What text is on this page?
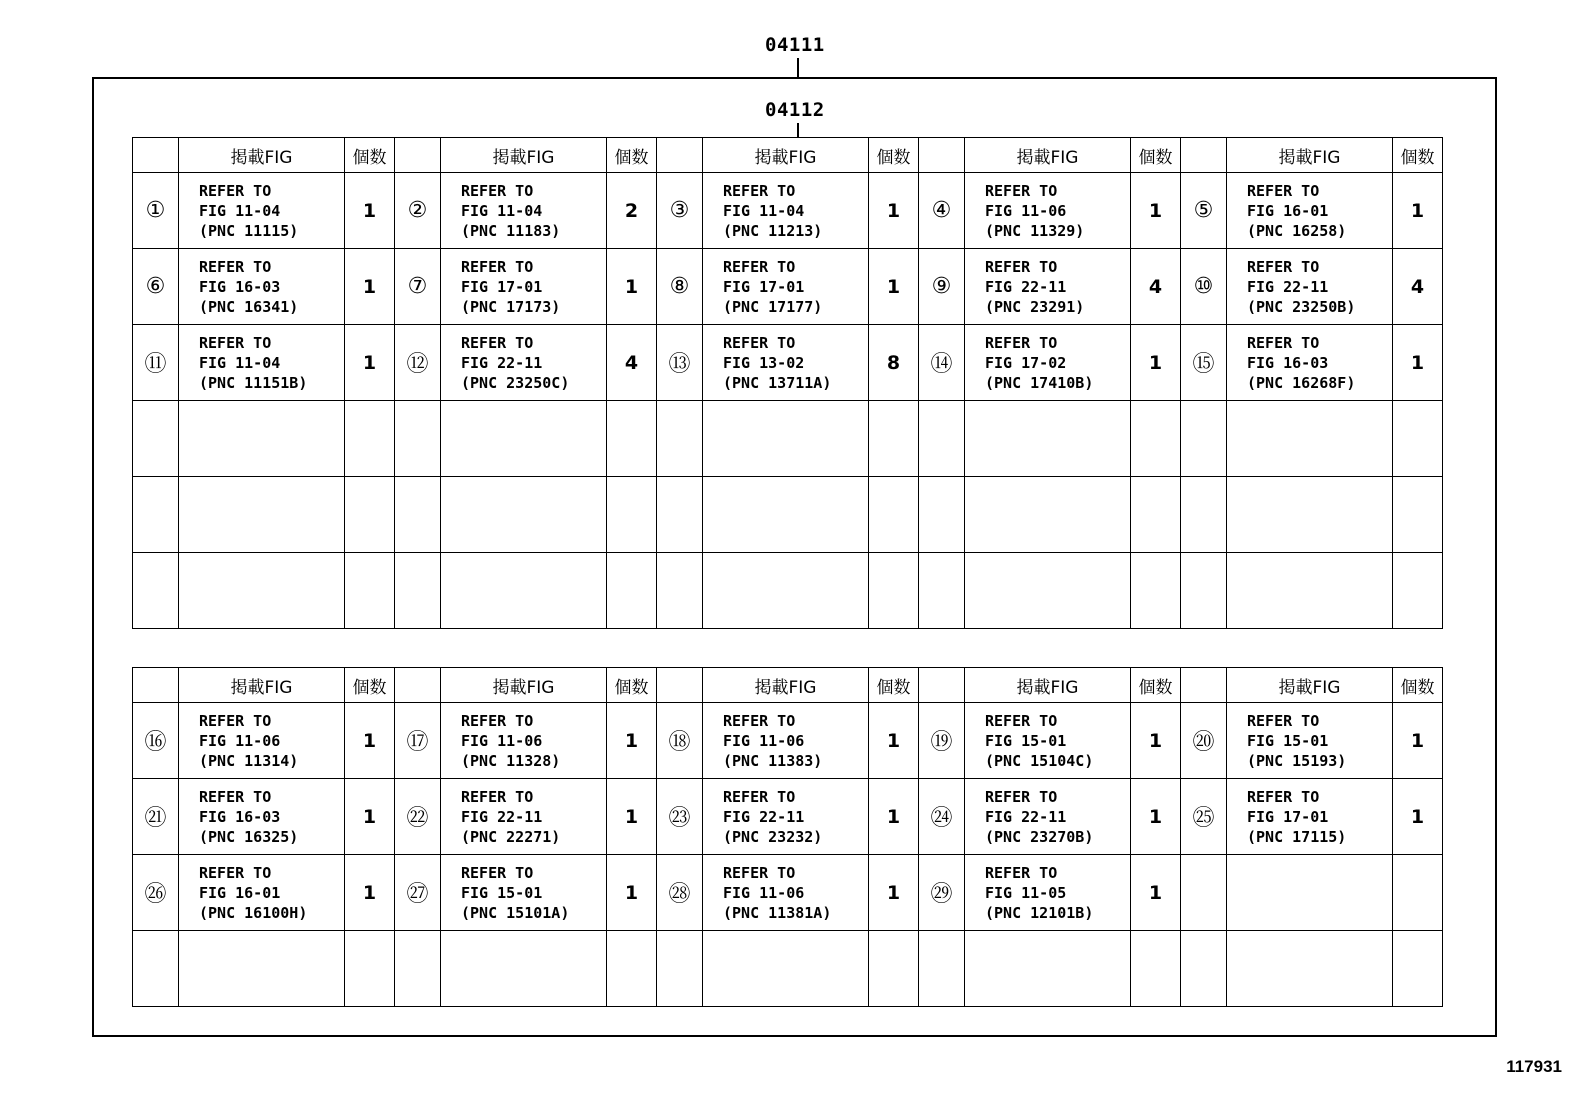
04111
04112
	掲載FIG	個数		掲載FIG	個数		掲載FIG	個数		掲載FIG	個数		掲載FIG	個数
①	REFER TO
FIG 11-04
(PNC 11115)	1	②	REFER TO
FIG 11-04
(PNC 11183)	2	③	REFER TO
FIG 11-04
(PNC 11213)	1	④	REFER TO
FIG 11-06
(PNC 11329)	1	⑤	REFER TO
FIG 16-01
(PNC 16258)	1
⑥	REFER TO
FIG 16-03
(PNC 16341)	1	⑦	REFER TO
FIG 17-01
(PNC 17173)	1	⑧	REFER TO
FIG 17-01
(PNC 17177)	1	⑨	REFER TO
FIG 22-11
(PNC 23291)	4	⑩	REFER TO
FIG 22-11
(PNC 23250B)	4
⑪	REFER TO
FIG 11-04
(PNC 11151B)	1	⑫	REFER TO
FIG 22-11
(PNC 23250C)	4	⑬	REFER TO
FIG 13-02
(PNC 13711A)	8	⑭	REFER TO
FIG 17-02
(PNC 17410B)	1	⑮	REFER TO
FIG 16-03
(PNC 16268F)	1

	掲載FIG	個数		掲載FIG	個数		掲載FIG	個数		掲載FIG	個数		掲載FIG	個数
⑯	REFER TO
FIG 11-06
(PNC 11314)	1	⑰	REFER TO
FIG 11-06
(PNC 11328)	1	⑱	REFER TO
FIG 11-06
(PNC 11383)	1	⑲	REFER TO
FIG 15-01
(PNC 15104C)	1	⑳	REFER TO
FIG 15-01
(PNC 15193)	1
㉑	REFER TO
FIG 16-03
(PNC 16325)	1	㉒	REFER TO
FIG 22-11
(PNC 22271)	1	㉓	REFER TO
FIG 22-11
(PNC 23232)	1	㉔	REFER TO
FIG 22-11
(PNC 23270B)	1	㉕	REFER TO
FIG 17-01
(PNC 17115)	1
㉖	REFER TO
FIG 16-01
(PNC 16100H)	1	㉗	REFER TO
FIG 15-01
(PNC 15101A)	1	㉘	REFER TO
FIG 11-06
(PNC 11381A)	1	㉙	REFER TO
FIG 11-05
(PNC 12101B)	1		

117931
